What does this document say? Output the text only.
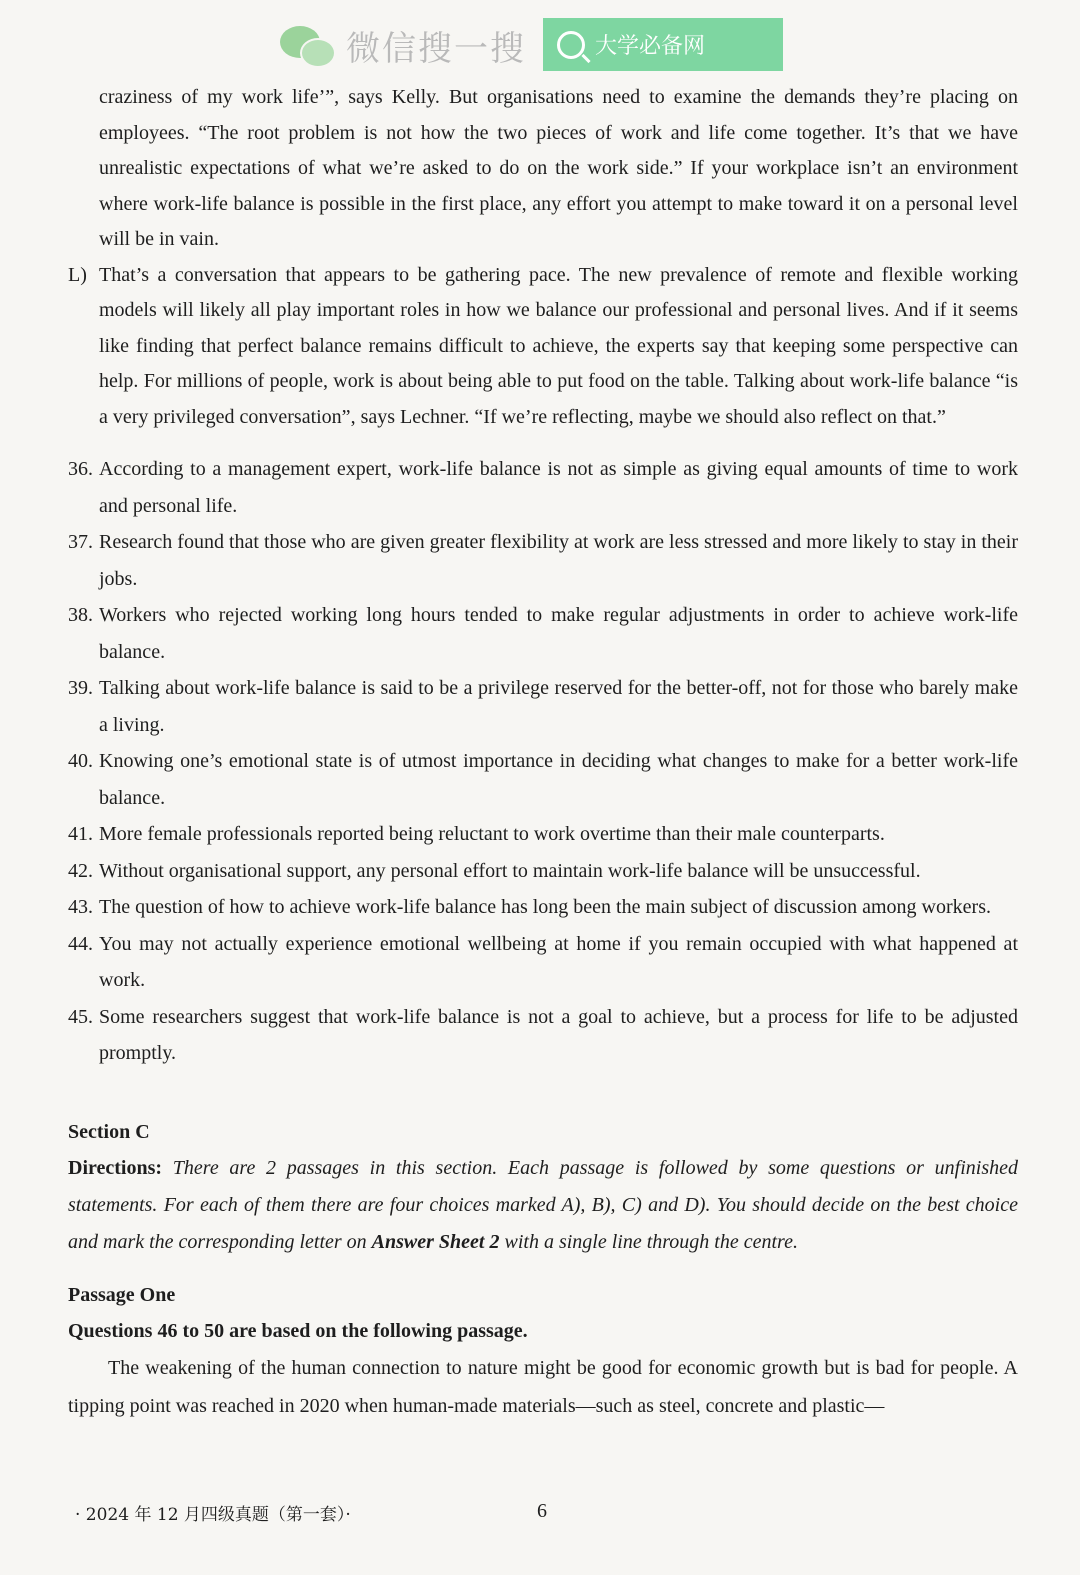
微信搜一搜	大学必备网

craziness of my work life’”, says Kelly. But organisations need to examine the demands they’re placing on employees. “The root problem is not how the two pieces of work and life come together. It’s that we have unrealistic expectations of what we’re asked to do on the work side.” If your workplace isn’t an environment where work-life balance is possible in the first place, any effort you attempt to make toward it on a personal level will be in vain.

L) That’s a conversation that appears to be gathering pace. The new prevalence of remote and flexible working models will likely all play important roles in how we balance our professional and personal lives. And if it seems like finding that perfect balance remains difficult to achieve, the experts say that keeping some perspective can help. For millions of people, work is about being able to put food on the table. Talking about work-life balance “is a very privileged conversation”, says Lechner. “If we’re reflecting, maybe we should also reflect on that.”

36. According to a management expert, work-life balance is not as simple as giving equal amounts of time to work and personal life.

37. Research found that those who are given greater flexibility at work are less stressed and more likely to stay in their jobs.

38. Workers who rejected working long hours tended to make regular adjustments in order to achieve work-life balance.

39. Talking about work-life balance is said to be a privilege reserved for the better-off, not for those who barely make a living.

40. Knowing one’s emotional state is of utmost importance in deciding what changes to make for a better work-life balance.

41. More female professionals reported being reluctant to work overtime than their male counterparts.

42. Without organisational support, any personal effort to maintain work-life balance will be unsuccessful.

43. The question of how to achieve work-life balance has long been the main subject of discussion among workers.

44. You may not actually experience emotional wellbeing at home if you remain occupied with what happened at work.

45. Some researchers suggest that work-life balance is not a goal to achieve, but a process for life to be adjusted promptly.

Section C
Directions: There are 2 passages in this section. Each passage is followed by some questions or unfinished statements. For each of them there are four choices marked A), B), C) and D). You should decide on the best choice and mark the corresponding letter on Answer Sheet 2 with a single line through the centre.
Passage One
Questions 46 to 50 are based on the following passage.

The weakening of the human connection to nature might be good for economic growth but is bad for people. A tipping point was reached in 2020 when human-made materials—such as steel, concrete and plastic—

· 2024 年 12 月四级真题（第一套）·	6
